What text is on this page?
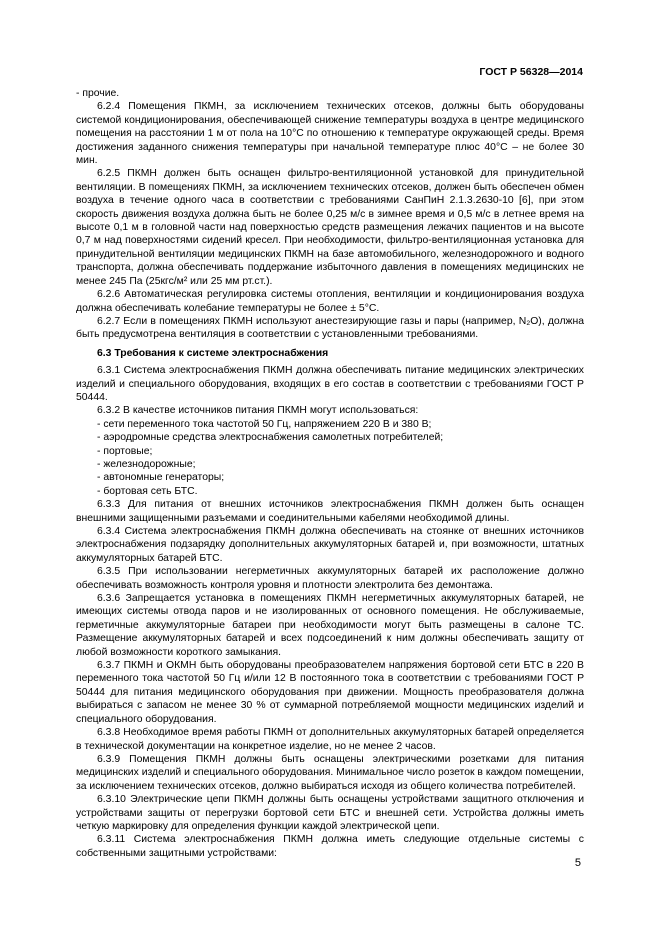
ГОСТ Р 56328—2014

- прочие.

6.2.4 Помещения ПКМН, за исключением технических отсеков, должны быть оборудованы системой кондиционирования, обеспечивающей снижение температуры воздуха в центре медицинского помещения на расстоянии 1 м от пола на 10°С по отношению к температуре окружающей среды. Время достижения заданного снижения температуры при начальной температуре плюс 40°С – не более 30 мин.

6.2.5 ПКМН должен быть оснащен фильтро-вентиляционной установкой для принудительной вентиляции. В помещениях ПКМН, за исключением технических отсеков, должен быть обеспечен обмен воздуха в течение одного часа в соответствии с требованиями СанПиН 2.1.3.2630-10 [6], при этом скорость движения воздуха должна быть не более 0,25 м/с в зимнее время и 0,5 м/с в летнее время на высоте 0,1 м в головной части над поверхностью средств размещения лежачих пациентов и на высоте 0,7 м над поверхностями сидений кресел. При необходимости, фильтро-вентиляционная установка для принудительной вентиляции медицинских ПКМН на базе автомобильного, железнодорожного и водного транспорта, должна обеспечивать поддержание избыточного давления в помещениях медицинских не менее 245 Па (25кгс/м² или 25 мм рт.ст.).

6.2.6 Автоматическая регулировка системы отопления, вентиляции и кондиционирования воздуха должна обеспечивать колебание температуры не более ± 5°С.

6.2.7 Если в помещениях ПКМН используют анестезирующие газы и пары (например, N₂O), должна быть предусмотрена вентиляция в соответствии с установленными требованиями.

6.3 Требования к системе электроснабжения

6.3.1 Система электроснабжения ПКМН должна обеспечивать питание медицинских электрических изделий и специального оборудования, входящих в его состав в соответствии с требованиями ГОСТ Р 50444.

6.3.2 В качестве источников питания ПКМН могут использоваться:

- сети переменного тока частотой 50 Гц, напряжением 220 В и 380 В;

- аэродромные средства электроснабжения самолетных потребителей;

- портовые;

- железнодорожные;

- автономные генераторы;

- бортовая сеть БТС.

6.3.3 Для питания от внешних источников электроснабжения ПКМН должен быть оснащен внешними защищенными разъемами и соединительными кабелями необходимой длины.

6.3.4 Система электроснабжения ПКМН должна обеспечивать на стоянке от внешних источников электроснабжения подзарядку дополнительных аккумуляторных батарей и, при возможности, штатных аккумуляторных батарей БТС.

6.3.5 При использовании негерметичных аккумуляторных батарей их расположение должно обеспечивать возможность контроля уровня и плотности электролита без демонтажа.

6.3.6 Запрещается установка в помещениях ПКМН негерметичных аккумуляторных батарей, не имеющих системы отвода паров и не изолированных от основного помещения. Не обслуживаемые, герметичные аккумуляторные батареи при необходимости могут быть размещены в салоне ТС. Размещение аккумуляторных батарей и всех подсоединений к ним должны обеспечивать защиту от любой возможности короткого замыкания.

6.3.7 ПКМН и ОКМН быть оборудованы преобразователем напряжения бортовой сети БТС в 220 В переменного тока частотой 50 Гц и/или 12 В постоянного тока в соответствии с требованиями ГОСТ Р 50444 для питания медицинского оборудования при движении. Мощность преобразователя должна выбираться с запасом не менее 30 % от суммарной потребляемой мощности медицинских изделий и специального оборудования.

6.3.8 Необходимое время работы ПКМН от дополнительных аккумуляторных батарей определяется в технической документации на конкретное изделие, но не менее 2 часов.

6.3.9 Помещения ПКМН должны быть оснащены электрическими розетками для питания медицинских изделий и специального оборудования. Минимальное число розеток в каждом помещении, за исключением технических отсеков, должно выбираться исходя из общего количества потребителей.

6.3.10 Электрические цепи ПКМН должны быть оснащены устройствами защитного отключения и устройствами защиты от перегрузки бортовой сети БТС и внешней сети. Устройства должны иметь четкую маркировку для определения функции каждой электрической цепи.

6.3.11 Система электроснабжения ПКМН должна иметь следующие отдельные системы с собственными защитными устройствами:

5
